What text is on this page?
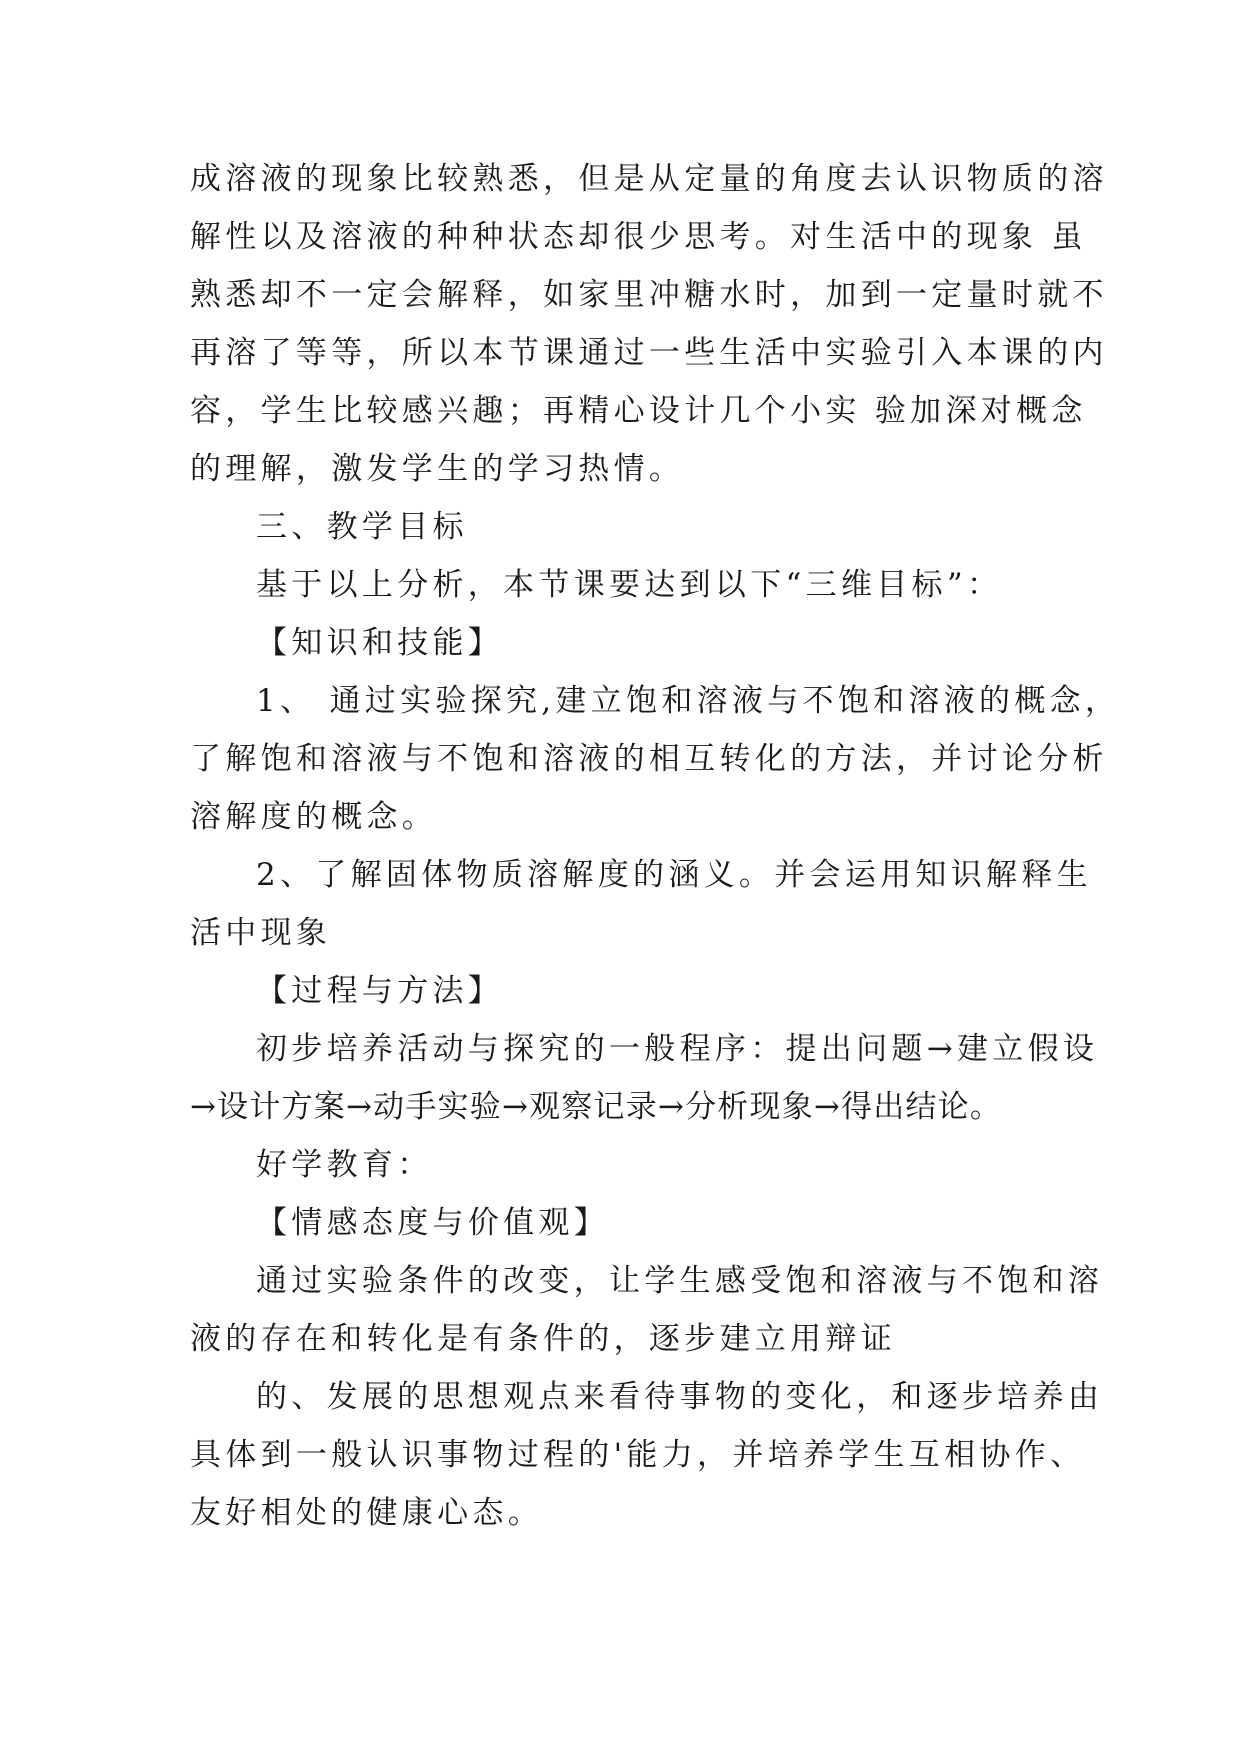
成溶液的现象比较熟悉，但是从定量的角度去认识物质的溶
解性以及溶液的种种状态却很少思考。对生活中的现象 虽
熟悉却不一定会解释，如家里冲糖水时，加到一定量时就不
再溶了等等，所以本节课通过一些生活中实验引入本课的内
容，学生比较感兴趣；再精心设计几个小实 验加深对概念
的理解，激发学生的学习热情。
三、教学目标
基于以上分析，本节课要达到以下“三维目标”：
【知识和技能】
1、 通过实验探究,建立饱和溶液与不饱和溶液的概念，
了解饱和溶液与不饱和溶液的相互转化的方法，并讨论分析
溶解度的概念。
2、了解固体物质溶解度的涵义。并会运用知识解释生
活中现象
【过程与方法】
初步培养活动与探究的一般程序：提出问题→建立假设
→设计方案→动手实验→观察记录→分析现象→得出结论。
好学教育：
【情感态度与价值观】
通过实验条件的改变，让学生感受饱和溶液与不饱和溶
液的存在和转化是有条件的，逐步建立用辩证
的、发展的思想观点来看待事物的变化，和逐步培养由
具体到一般认识事物过程的'能力，并培养学生互相协作、
友好相处的健康心态。
